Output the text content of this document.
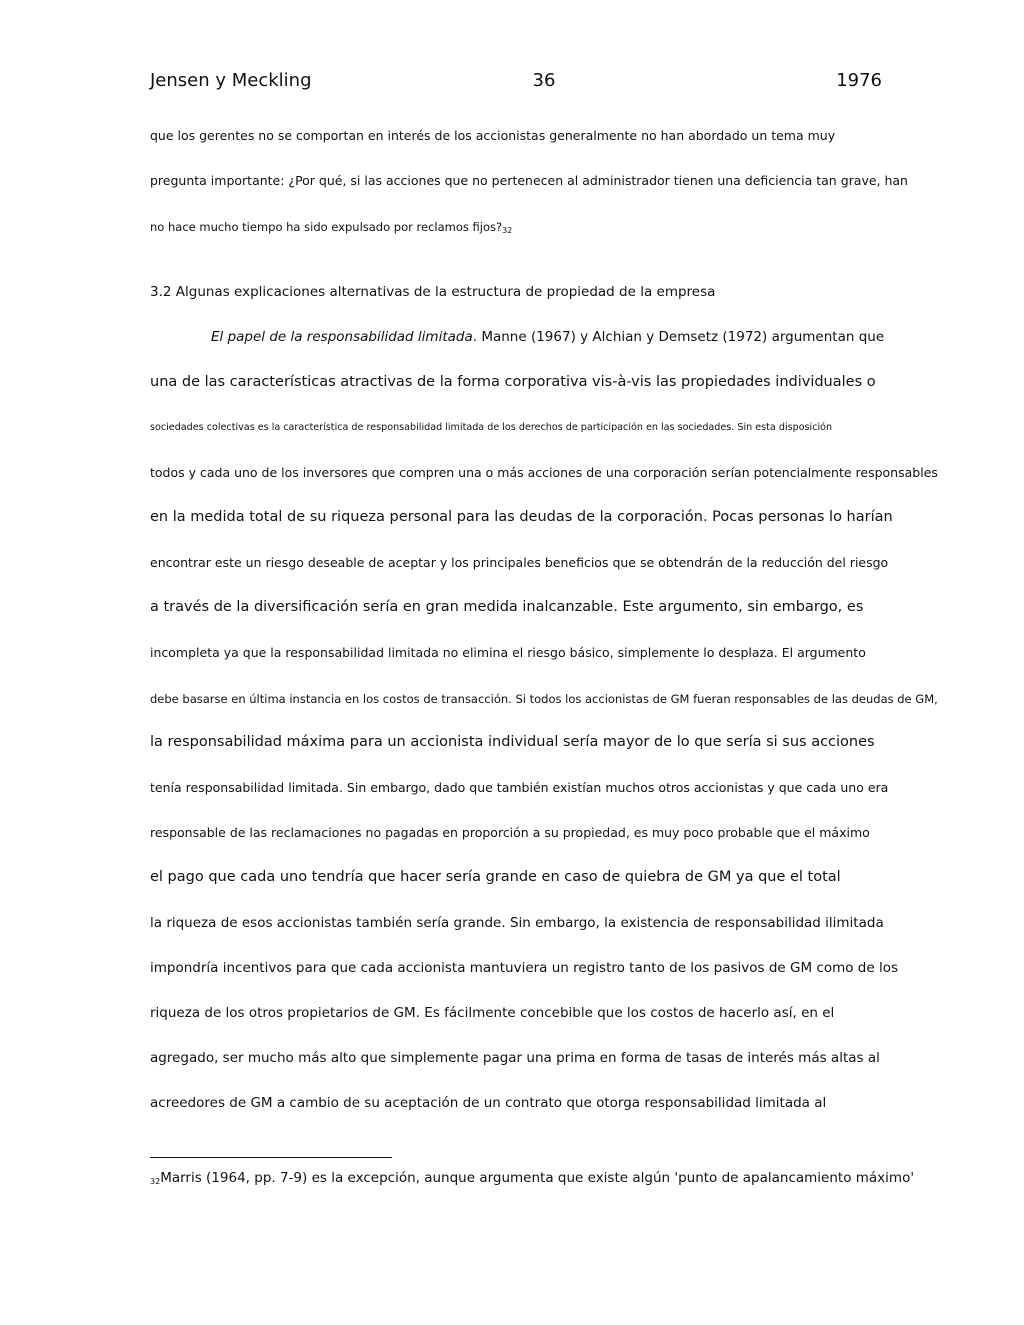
Jensen y Meckling	36	1976
que los gerentes no se comportan en interés de los accionistas generalmente no han abordado un tema muy
pregunta importante: ¿Por qué, si las acciones que no pertenecen al administrador tienen una deficiencia tan grave, han
no hace mucho tiempo ha sido expulsado por reclamos fijos?32
3.2 Algunas explicaciones alternativas de la estructura de propiedad de la empresa
El papel de la responsabilidad limitada. Manne (1967) y Alchian y Demsetz (1972) argumentan que
una de las características atractivas de la forma corporativa vis-à-vis las propiedades individuales o
sociedades colectivas es la característica de responsabilidad limitada de los derechos de participación en las sociedades. Sin esta disposición
todos y cada uno de los inversores que compren una o más acciones de una corporación serían potencialmente responsables
en la medida total de su riqueza personal para las deudas de la corporación. Pocas personas lo harían
encontrar este un riesgo deseable de aceptar y los principales beneficios que se obtendrán de la reducción del riesgo
a través de la diversificación sería en gran medida inalcanzable. Este argumento, sin embargo, es
incompleta ya que la responsabilidad limitada no elimina el riesgo básico, simplemente lo desplaza. El argumento
debe basarse en última instancia en los costos de transacción. Si todos los accionistas de GM fueran responsables de las deudas de GM,
la responsabilidad máxima para un accionista individual sería mayor de lo que sería si sus acciones
tenía responsabilidad limitada. Sin embargo, dado que también existían muchos otros accionistas y que cada uno era
responsable de las reclamaciones no pagadas en proporción a su propiedad, es muy poco probable que el máximo
el pago que cada uno tendría que hacer sería grande en caso de quiebra de GM ya que el total
la riqueza de esos accionistas también sería grande. Sin embargo, la existencia de responsabilidad ilimitada
impondría incentivos para que cada accionista mantuviera un registro tanto de los pasivos de GM como de los
riqueza de los otros propietarios de GM. Es fácilmente concebible que los costos de hacerlo así, en el
agregado, ser mucho más alto que simplemente pagar una prima en forma de tasas de interés más altas al
acreedores de GM a cambio de su aceptación de un contrato que otorga responsabilidad limitada al
32Marris (1964, pp. 7-9) es la excepción, aunque argumenta que existe algún 'punto de apalancamiento máximo'
